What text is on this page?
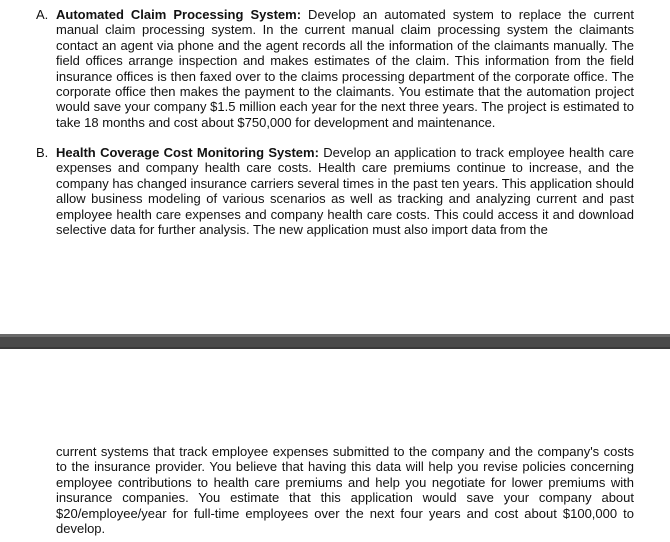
A. Automated Claim Processing System: Develop an automated system to replace the current manual claim processing system. In the current manual claim processing system the claimants contact an agent via phone and the agent records all the information of the claimants manually. The field offices arrange inspection and makes estimates of the claim. This information from the field insurance offices is then faxed over to the claims processing department of the corporate office. The corporate office then makes the payment to the claimants. You estimate that the automation project would save your company $1.5 million each year for the next three years. The project is estimated to take 18 months and cost about $750,000 for development and maintenance.

B. Health Coverage Cost Monitoring System: Develop an application to track employee health care expenses and company health care costs. Health care premiums continue to increase, and the company has changed insurance carriers several times in the past ten years. This application should allow business modeling of various scenarios as well as tracking and analyzing current and past employee health care expenses and company health care costs. This could access it and download selective data for further analysis. The new application must also import data from the

current systems that track employee expenses submitted to the company and the company's costs to the insurance provider. You believe that having this data will help you revise policies concerning employee contributions to health care premiums and help you negotiate for lower premiums with insurance companies. You estimate that this application would save your company about $20/employee/year for full-time employees over the next four years and cost about $100,000 to develop.
